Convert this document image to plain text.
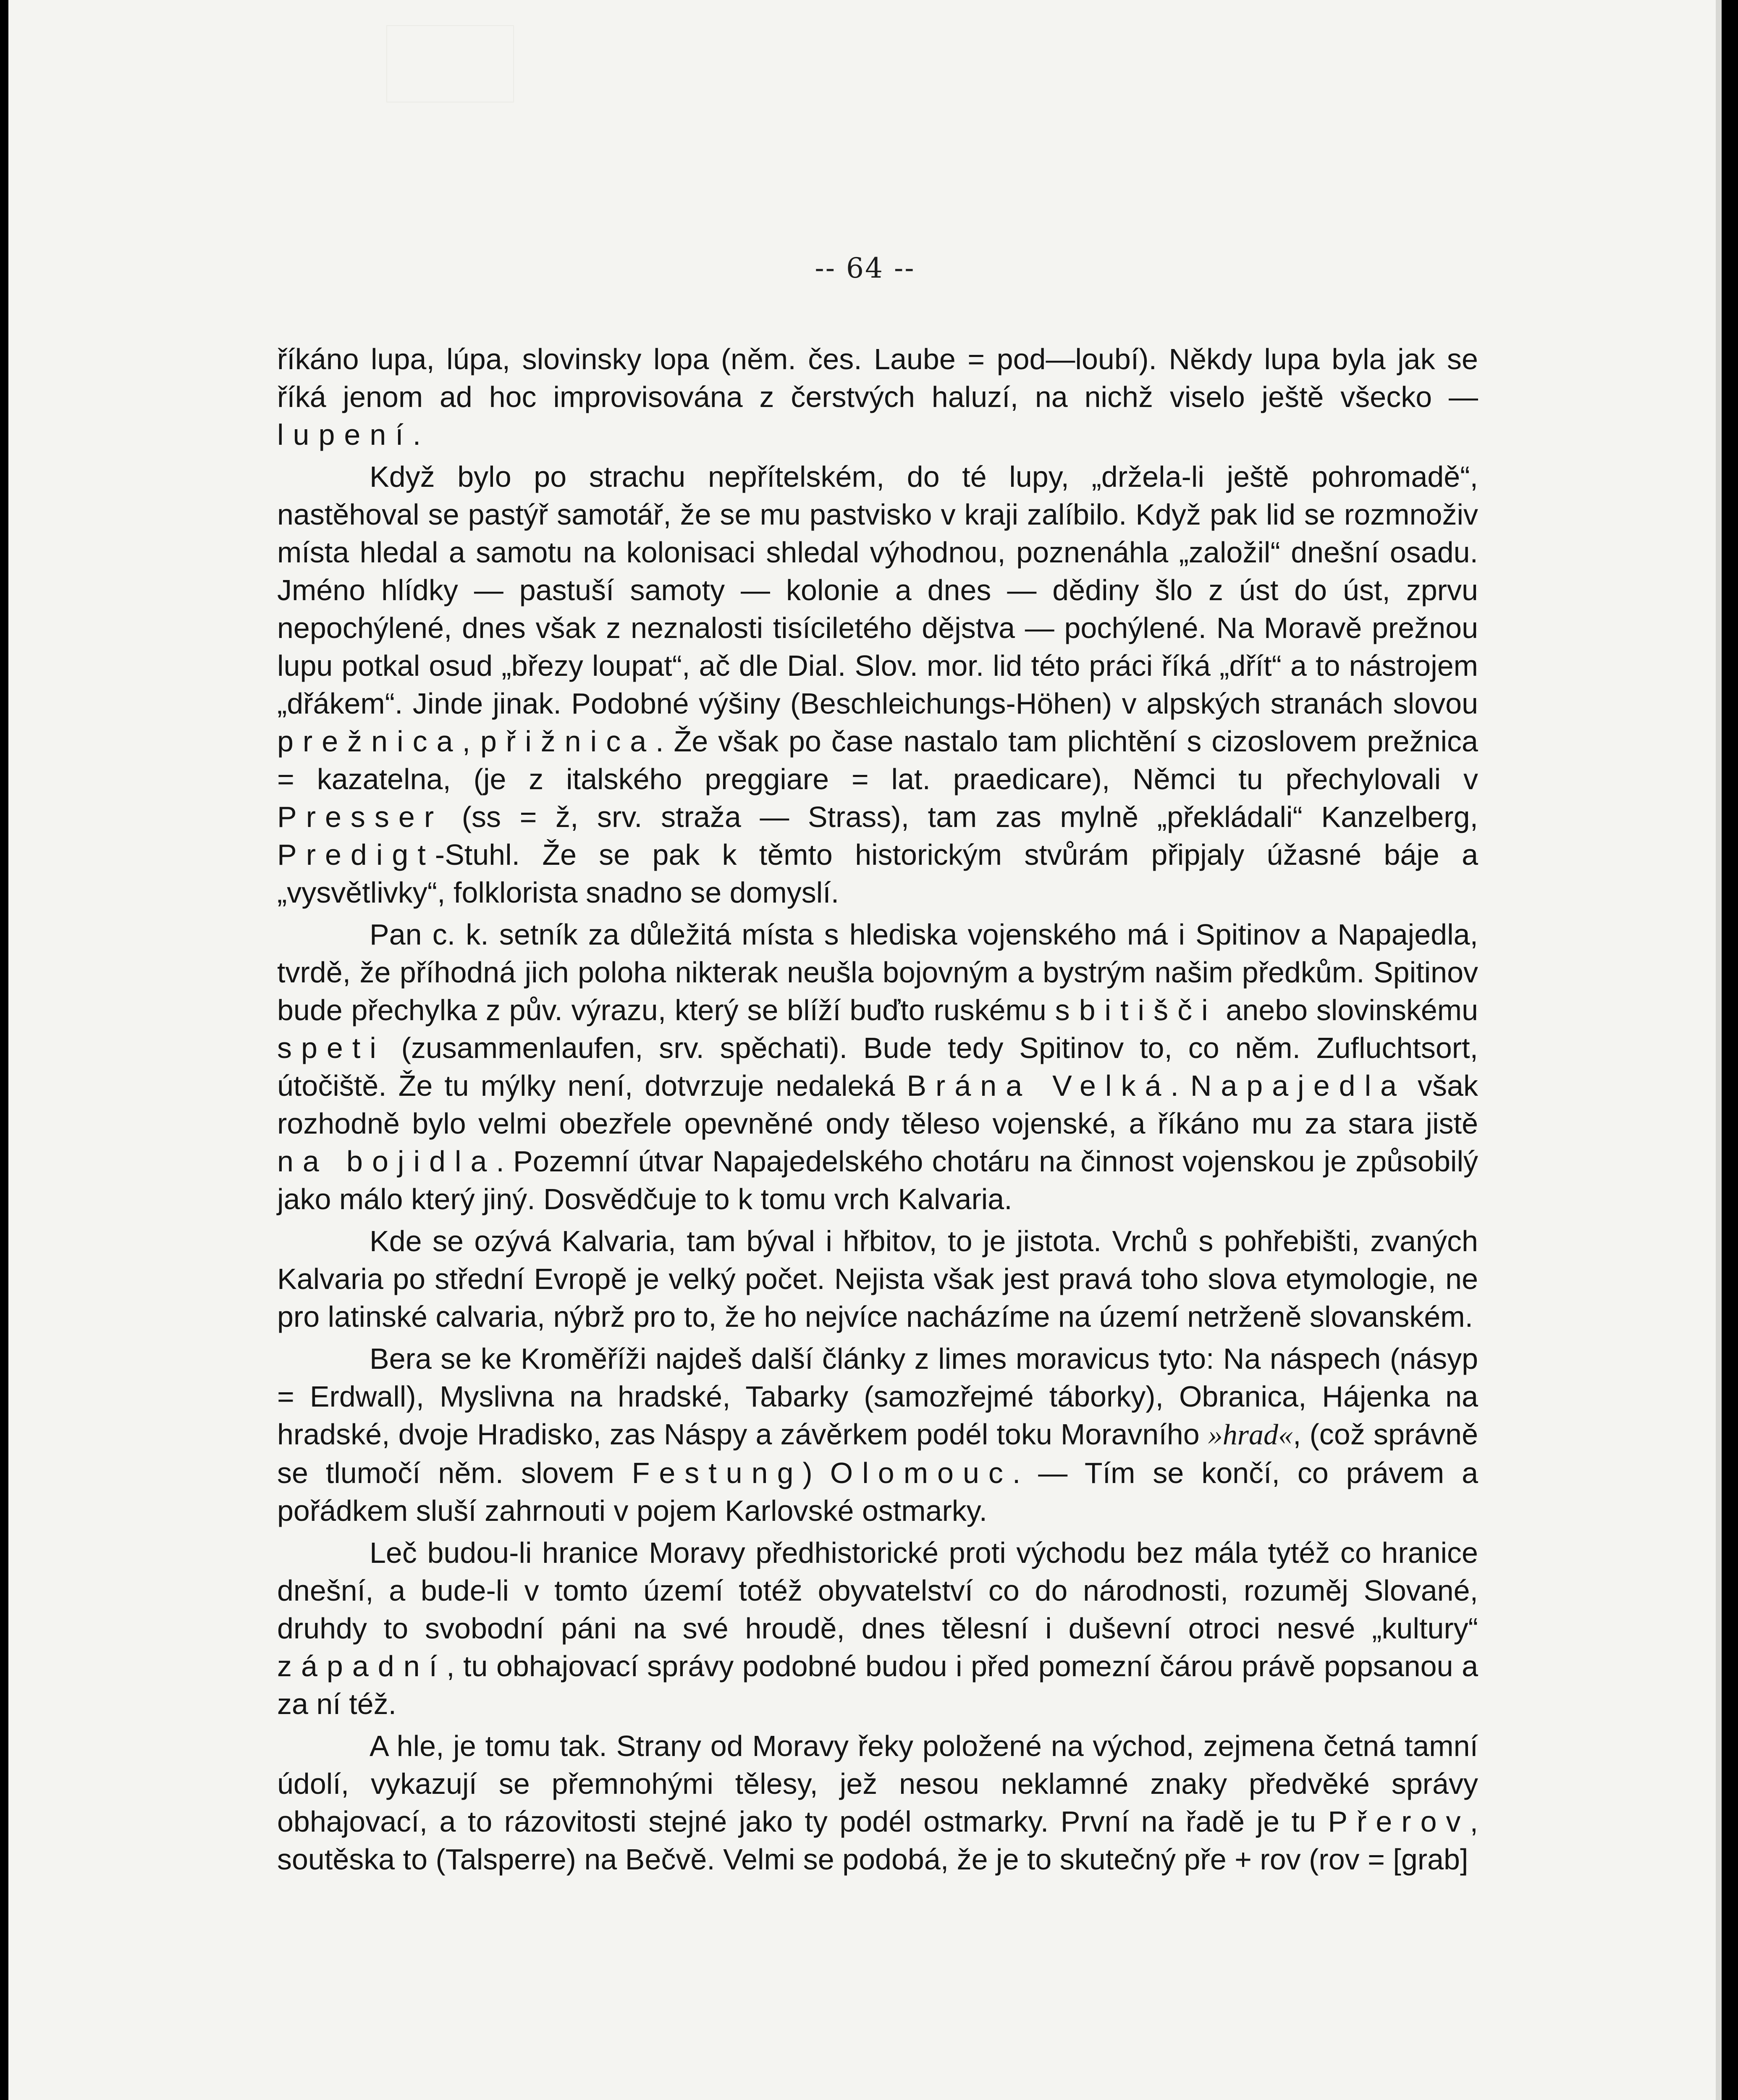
-- 64 --

říkáno lupa, lúpa, slovinsky lopa (něm. čes. Laube = pod—loubí). Někdy lupa byla jak se říká jenom ad hoc improvisována z čerstvých haluzí, na nichž viselo ještě všecko — lupení.

Když bylo po strachu nepřítelském, do té lupy, „držela-li ještě pohromadě“, nastěhoval se pastýř samotář, že se mu pastvisko v kraji zalíbilo. Když pak lid se rozmnoživ místa hledal a samotu na kolonisaci shledal výhodnou, poznenáhla „založil“ dnešní osadu. Jméno hlídky — pastuší samoty — kolonie a dnes — dědiny šlo z úst do úst, zprvu nepochýlené, dnes však z neznalosti tisíciletého dějstva — pochýlené. Na Moravě prežnou lupu potkal osud „březy loupat“, ač dle Dial. Slov. mor. lid této práci říká „dřít“ a to nástrojem „dřákem“. Jinde jinak. Podobné výšiny (Beschleichungs-Höhen) v alpských stranách slovou prežnica, přižnica. Že však po čase nastalo tam plichtění s cizoslovem prežnica = kazatelna, (je z italského preggiare = lat. praedicare), Němci tu přechylovali v Presser (ss = ž, srv. straža — Strass), tam zas mylně „překládali“ Kanzelberg, Predigt-Stuhl. Že se pak k těmto historickým stvůrám připjaly úžasné báje a „vysvětlivky“, folkloristа snadno se domyslí.

Pan c. k. setník za důležitá místa s hlediska vojenského má i Spitinov a Napajedla, tvrdě, že příhodná jich poloha nikterak neušla bojovným a bystrým našim předkům. Spitinov bude přechylka z pův. výrazu, který se blíží buďto ruskému sbitišči anebo slovinskému speti (zusammenlaufen, srv. spěchati). Bude tedy Spitinov to, co něm. Zufluchtsort, útočiště. Že tu mýlky není, dotvrzuje nedaleká Brána Velká. Napajedla však rozhodně bylo velmi obezřele opevněné ondy těleso vojenské, a říkáno mu za stara jistě na bojidla. Pozemní útvar Napajedelského chotáru na činnost vojenskou je způsobilý jako málo který jiný. Dosvědčuje to k tomu vrch Kalvaria.

Kde se ozývá Kalvaria, tam býval i hřbitov, to je jistota. Vrchů s pohřebišti, zvaných Kalvaria po střední Evropě je velký počet. Nejista však jest pravá toho slova etymologie, ne pro latinské calvaria, nýbrž pro to, že ho nejvíce nacházíme na území netrženě slovanském.

Bera se ke Kroměříži najdeš další články z limes moravicus tyto: Na náspech (násyp = Erdwall), Myslivna na hradské, Tabarky (samozřejmé táborky), Obranica, Hájenka na hradské, dvoje Hradisko, zas Náspy a závěrkem podél toku Moravního »hrad«, (což správně se tlumočí něm. slovem Festung) Olomouc. — Tím se končí, co právem a pořádkem sluší zahrnouti v pojem Karlovské ostmarky.

Leč budou-li hranice Moravy předhistorické proti východu bez mála tytéž co hranice dnešní, a bude-li v tomto území totéž obyvatelství co do národnosti, rozuměj Slované, druhdy to svobodní páni na své hroudě, dnes tělesní i duševní otroci nesvé „kultury“ západní, tu obhajovací správy podobné budou i před pomezní čárou právě popsanou a za ní též.

A hle, je tomu tak. Strany od Moravy řeky položené na východ, zejmena četná tamní údolí, vykazují se přemnohými tělesy, jež nesou neklamné znaky předvěké správy obhajovací, a to rázovitosti stejné jako ty podél ostmarky. První na řadě je tu Přerov, soutěska to (Talsperre) na Bečvě. Velmi se podobá, že je to skutečný pře + rov (rov = [grab]
